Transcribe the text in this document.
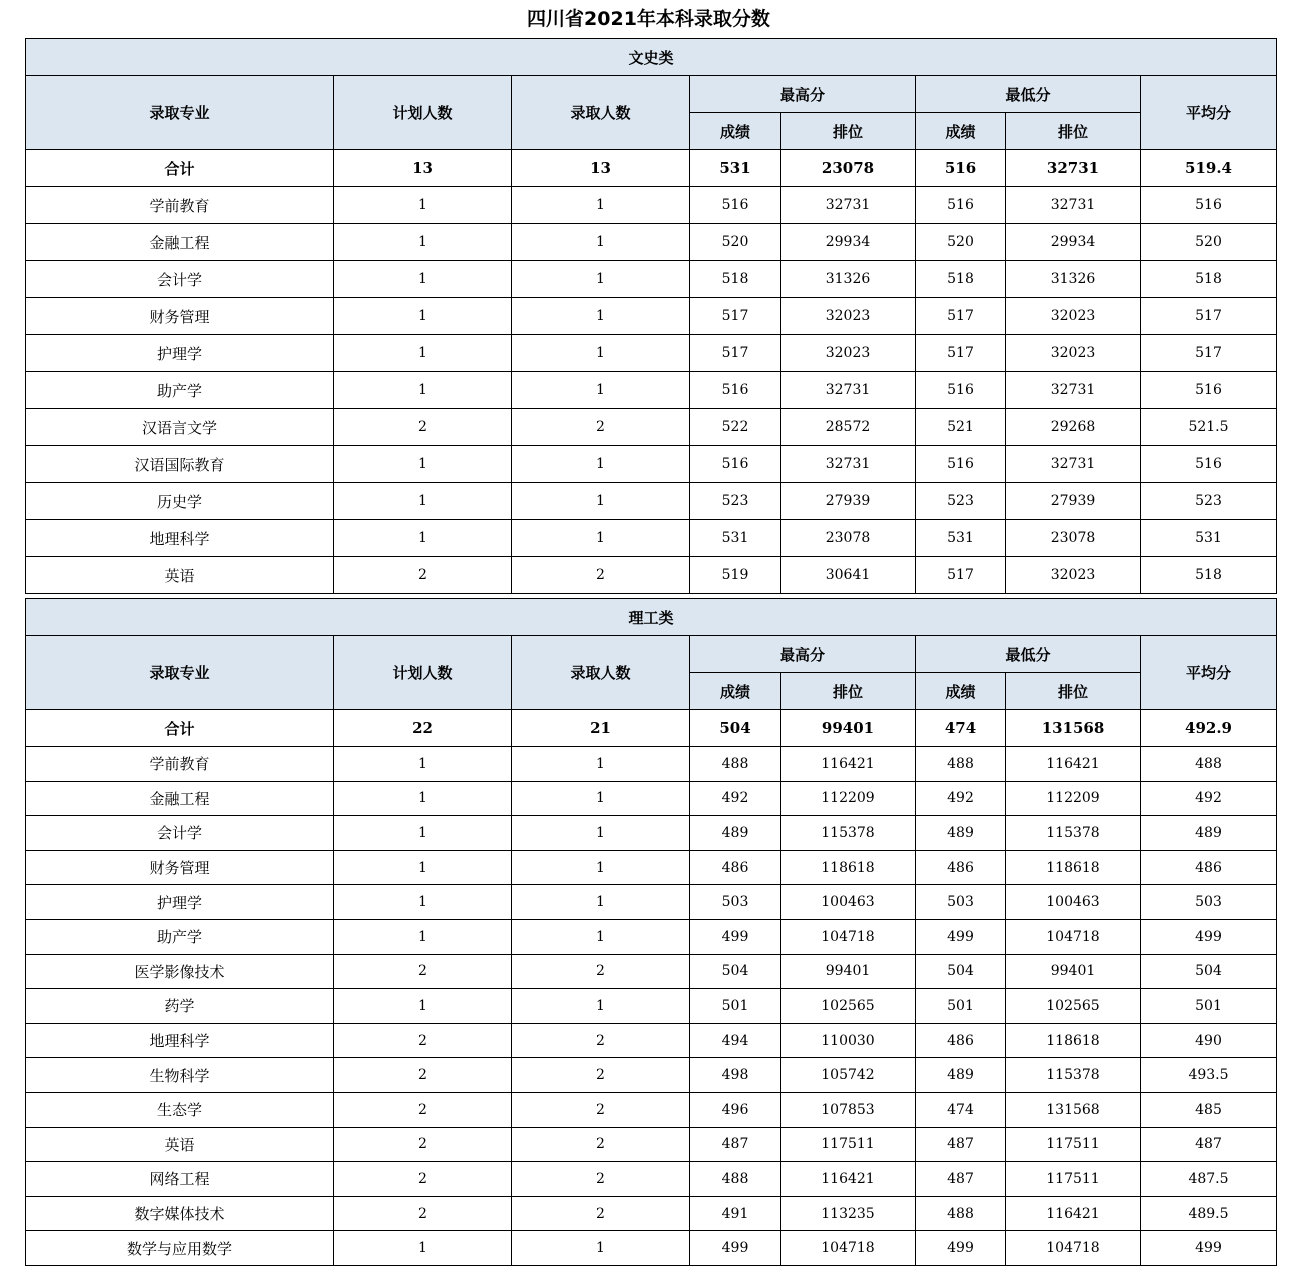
四川省2021年本科录取分数
文史类							
录取专业	计划人数	录取人数	最高分		最低分		平均分
			成绩	排位	成绩	排位	
合计	13	13	531	23078	516	32731	519.4
学前教育	1	1	516	32731	516	32731	516
金融工程	1	1	520	29934	520	29934	520
会计学	1	1	518	31326	518	31326	518
财务管理	1	1	517	32023	517	32023	517
护理学	1	1	517	32023	517	32023	517
助产学	1	1	516	32731	516	32731	516
汉语言文学	2	2	522	28572	521	29268	521.5
汉语国际教育	1	1	516	32731	516	32731	516
历史学	1	1	523	27939	523	27939	523
地理科学	1	1	531	23078	531	23078	531
英语	2	2	519	30641	517	32023	518
理工类							
录取专业	计划人数	录取人数	最高分		最低分		平均分
			成绩	排位	成绩	排位	
合计	22	21	504	99401	474	131568	492.9
学前教育	1	1	488	116421	488	116421	488
金融工程	1	1	492	112209	492	112209	492
会计学	1	1	489	115378	489	115378	489
财务管理	1	1	486	118618	486	118618	486
护理学	1	1	503	100463	503	100463	503
助产学	1	1	499	104718	499	104718	499
医学影像技术	2	2	504	99401	504	99401	504
药学	1	1	501	102565	501	102565	501
地理科学	2	2	494	110030	486	118618	490
生物科学	2	2	498	105742	489	115378	493.5
生态学	2	2	496	107853	474	131568	485
英语	2	2	487	117511	487	117511	487
网络工程	2	2	488	116421	487	117511	487.5
数字媒体技术	2	2	491	113235	488	116421	489.5
数学与应用数学	1	1	499	104718	499	104718	499
